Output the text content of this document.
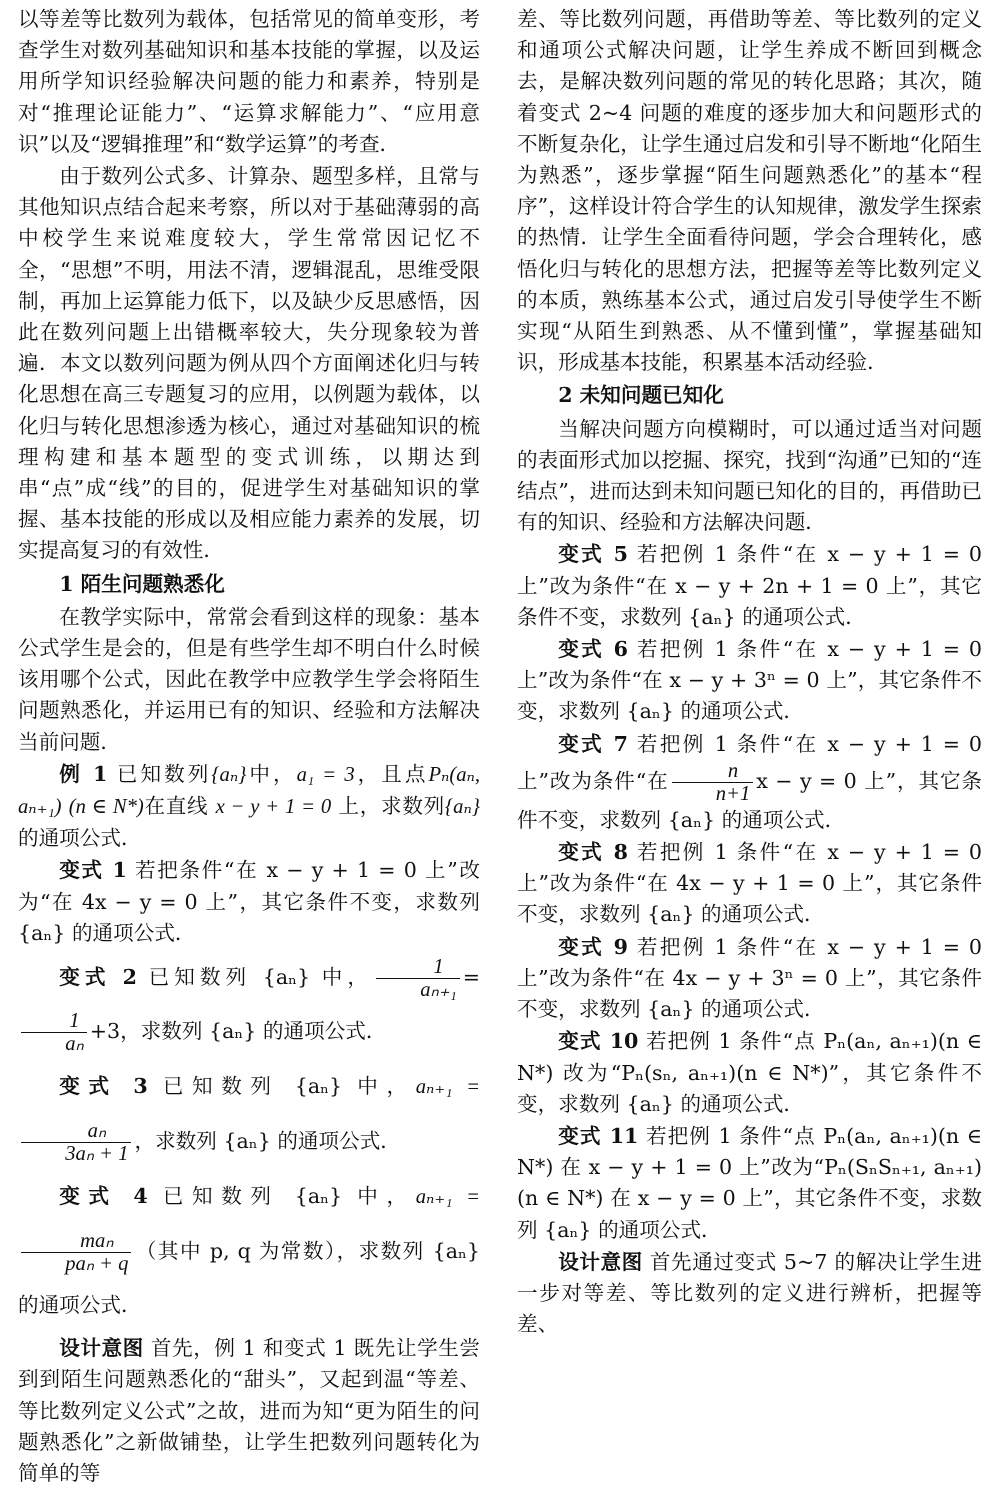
以等差等比数列为载体，包括常见的简单变形，考查学生对数列基础知识和基本技能的掌握，以及运用所学知识经验解决问题的能力和素养，特别是对“推理论证能力”、“运算求解能力”、“应用意识”以及“逻辑推理”和“数学运算”的考查．

由于数列公式多、计算杂、题型多样，且常与其他知识点结合起来考察，所以对于基础薄弱的高中校学生来说难度较大，学生常常因记忆不全，“思想”不明，用法不清，逻辑混乱，思维受限制，再加上运算能力低下，以及缺少反思感悟，因此在数列问题上出错概率较大，失分现象较为普遍．本文以数列问题为例从四个方面阐述化归与转化思想在高三专题复习的应用，以例题为载体，以化归与转化思想渗透为核心，通过对基础知识的梳理构建和基本题型的变式训练，以期达到串“点”成“线”的目的，促进学生对基础知识的掌握、基本技能的形成以及相应能力素养的发展，切实提高复习的有效性．

1 陌生问题熟悉化

在教学实际中，常常会看到这样的现象：基本公式学生是会的，但是有些学生却不明白什么时候该用哪个公式，因此在教学中应教学生学会将陌生问题熟悉化，并运用已有的知识、经验和方法解决当前问题．

例 1 已知数列{aₙ}中，a₁ = 3，且点Pₙ(aₙ, aₙ₊₁) (n ∈ N*)在直线 x − y + 1 = 0 上，求数列{aₙ}的通项公式．

变式 1 若把条件“在 x − y + 1 = 0 上”改为“在 4x − y = 0 上”，其它条件不变，求数列 {aₙ} 的通项公式．

变式 2 已知数列 {aₙ} 中， $\frac{1}{\text{aₙ₊₁}}$ =
$\frac{1}{\text{aₙ}} +3$，求数列 {aₙ} 的通项公式．

变式 3 已知数列 {aₙ} 中，aₙ₊₁ =
$\frac{\text{aₙ}}{\text{3aₙ + 1}}$ ，求数列 {aₙ} 的通项公式．

变式 4 已知数列 {aₙ} 中，aₙ₊₁ =
$\frac{\text{maₙ}}{\text{paₙ + q}}$ （其中 p, q 为常数），求数列 {aₙ} 的通项公式．

设计意图 首先，例 1 和变式 1 既先让学生尝到到陌生问题熟悉化的“甜头”，又起到温“等差、等比数列定义公式”之故，进而为知“更为陌生的问题熟悉化”之新做铺垫，让学生把数列问题转化为简单的等

差、等比数列问题，再借助等差、等比数列的定义和通项公式解决问题，让学生养成不断回到概念去，是解决数列问题的常见的转化思路；其次，随着变式 2~4 问题的难度的逐步加大和问题形式的不断复杂化，让学生通过启发和引导不断地“化陌生为熟悉”，逐步掌握“陌生问题熟悉化”的基本“程序”，这样设计符合学生的认知规律，激发学生探索的热情．让学生全面看待问题，学会合理转化，感悟化归与转化的思想方法，把握等差等比数列定义的本质，熟练基本公式，通过启发引导使学生不断实现“从陌生到熟悉、从不懂到懂”，掌握基础知识，形成基本技能，积累基本活动经验．

2 未知问题已知化

当解决问题方向模糊时，可以通过适当对问题的表面形式加以挖掘、探究，找到“沟通”已知的“连结点”，进而达到未知问题已知化的目的，再借助已有的知识、经验和方法解决问题．

变式 5 若把例 1 条件“在 x − y + 1 = 0 上”改为条件“在 x − y + 2n + 1 = 0 上”，其它条件不变，求数列 {aₙ} 的通项公式．

变式 6 若把例 1 条件“在 x − y + 1 = 0 上”改为条件“在 x − y + 3ⁿ = 0 上”，其它条件不变，求数列 {aₙ} 的通项公式．

变式 7 若把例 1 条件“在 x − y + 1 = 0 上”改为条件“在 $\frac{n}{n+1}$ x − y = 0 上”，其它条件不变，求数列 {aₙ} 的通项公式．

变式 8 若把例 1 条件“在 x − y + 1 = 0 上”改为条件“在 4x − y + 1 = 0 上”，其它条件不变，求数列 {aₙ} 的通项公式．

变式 9 若把例 1 条件“在 x − y + 1 = 0 上”改为条件“在 4x − y + 3ⁿ = 0 上”，其它条件不变，求数列 {aₙ} 的通项公式．

变式 10 若把例 1 条件“点 Pₙ(aₙ, aₙ₊₁)(n ∈ N*) 改为“Pₙ(sₙ, aₙ₊₁)(n ∈ N*)”，其它条件不变，求数列 {aₙ} 的通项公式．

变式 11 若把例 1 条件“点 Pₙ(aₙ, aₙ₊₁)(n ∈ N*) 在 x − y + 1 = 0 上”改为“Pₙ(SₙSₙ₊₁, aₙ₊₁)(n ∈ N*) 在 x − y = 0 上”，其它条件不变，求数列 {aₙ} 的通项公式．

设计意图 首先通过变式 5~7 的解决让学生进一步对等差、等比数列的定义进行辨析，把握等差、
